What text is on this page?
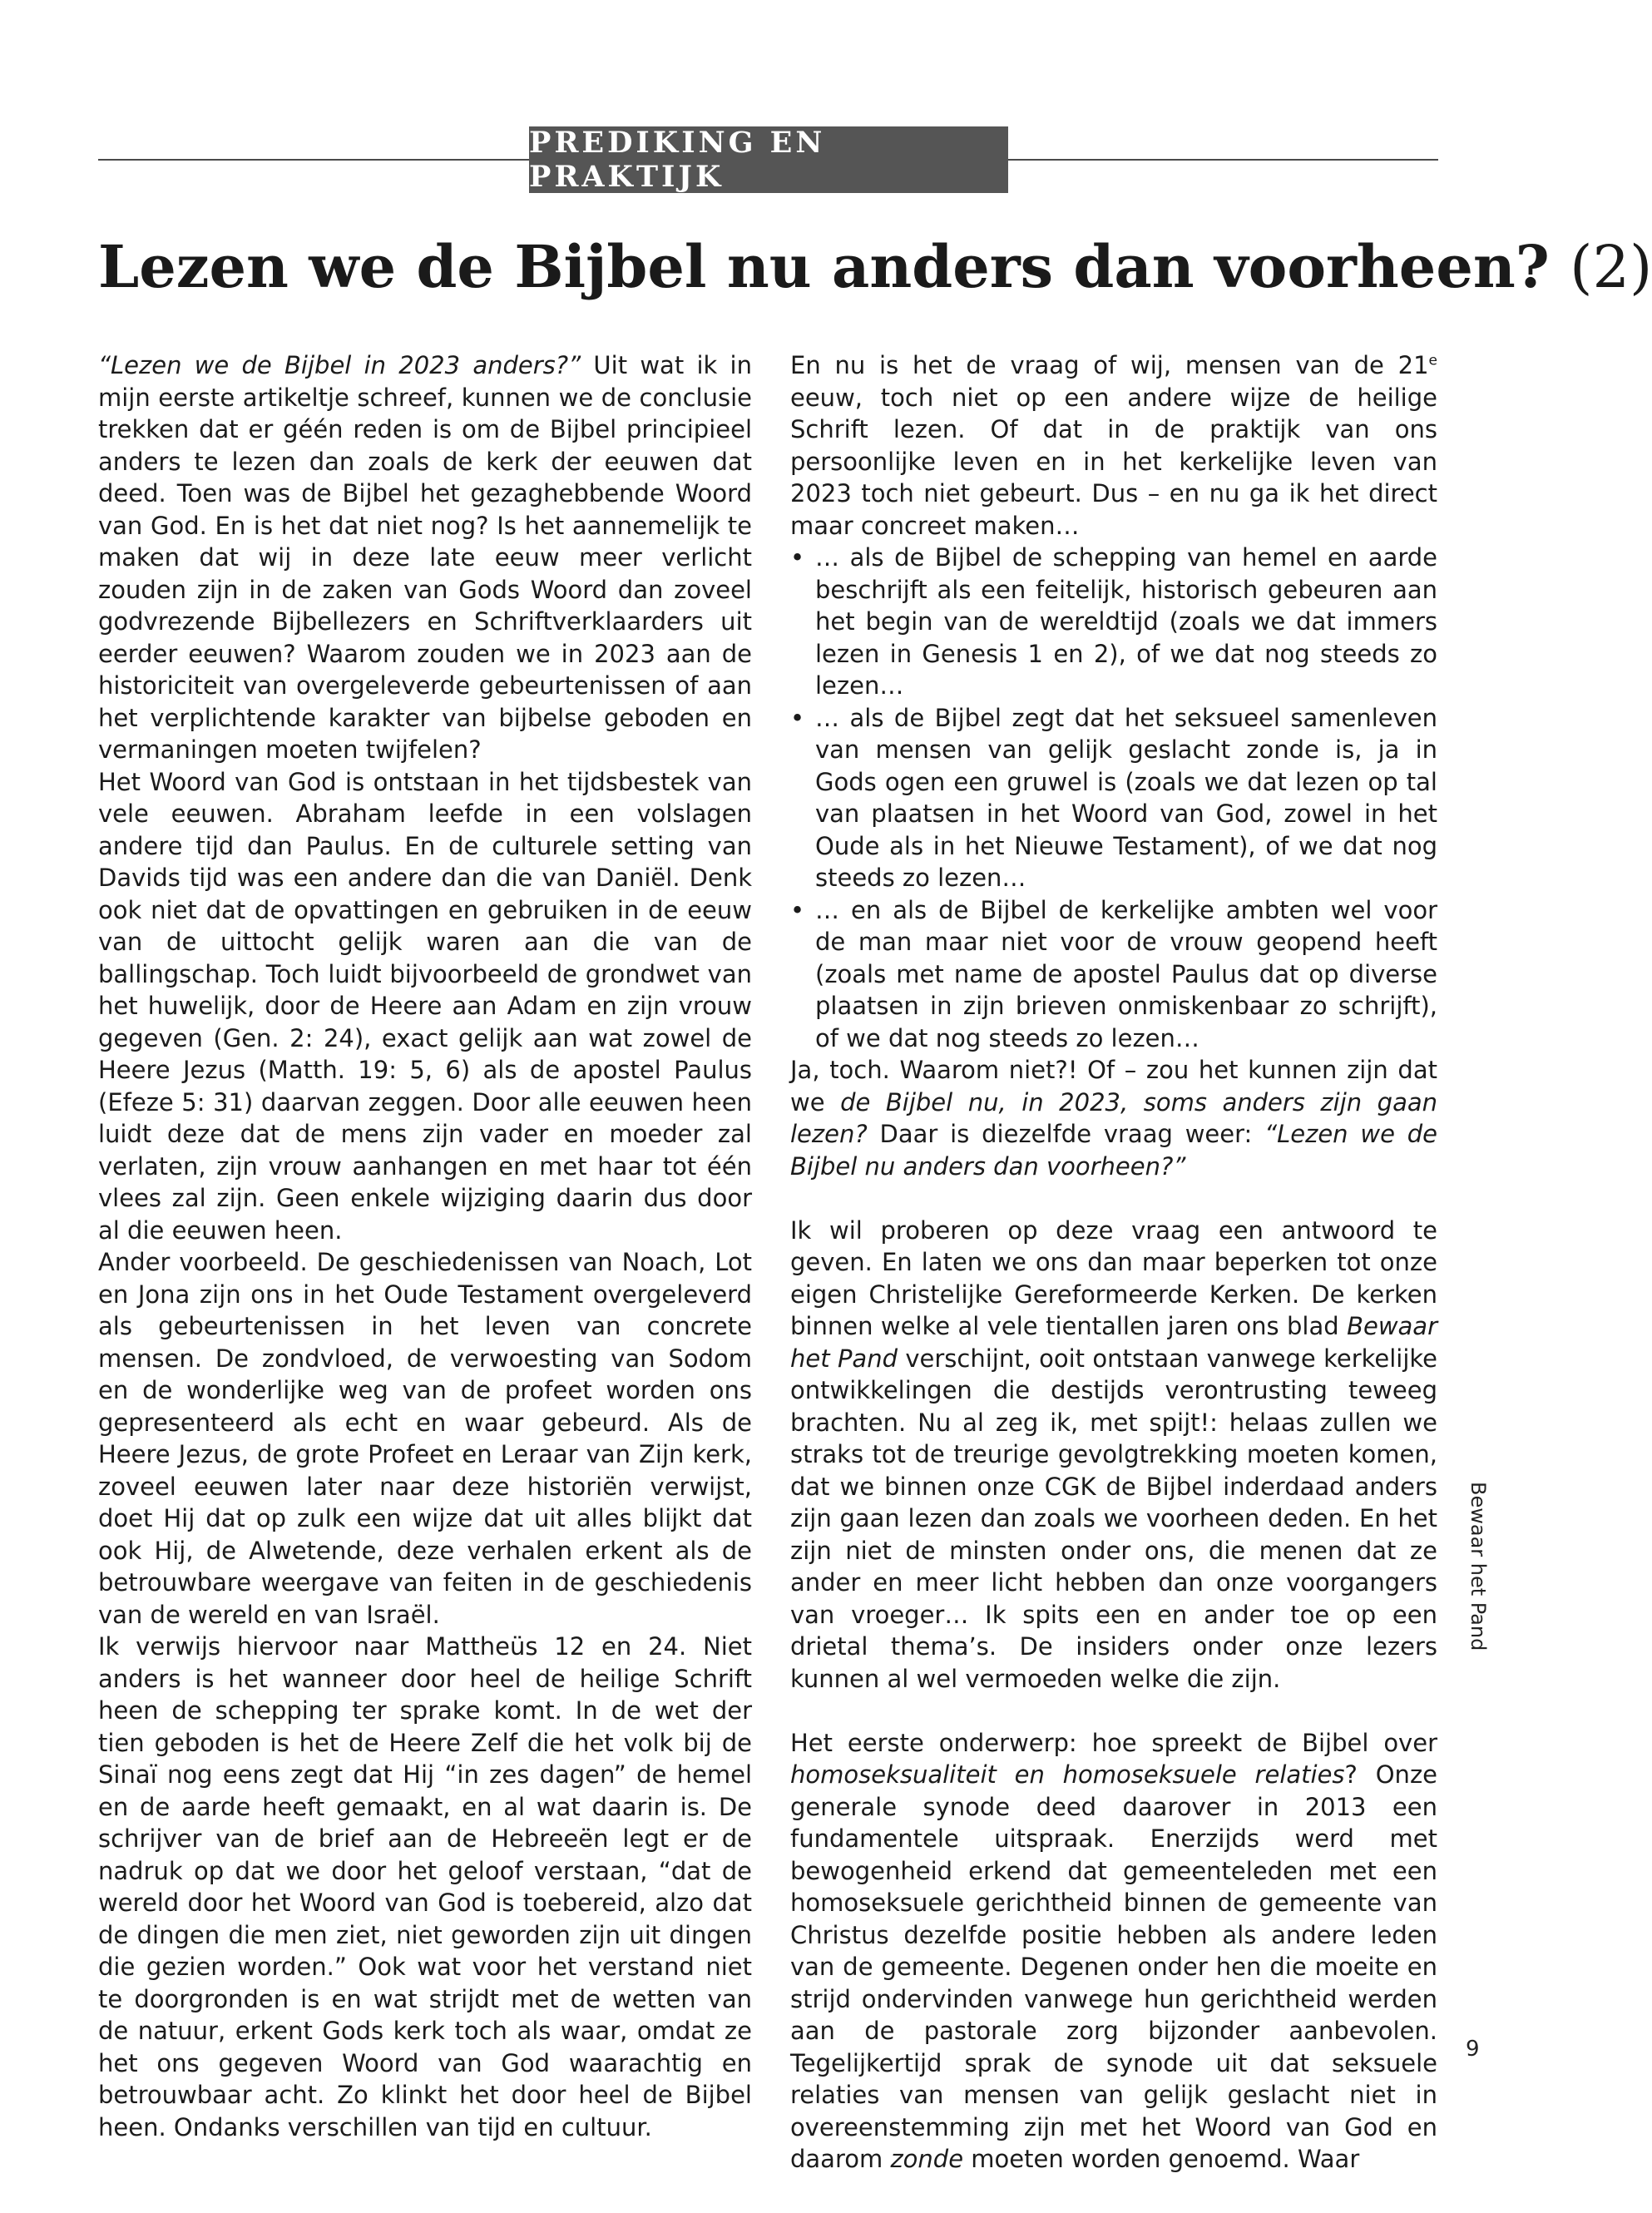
PREDIKING EN PRAKTIJK
Lezen we de Bijbel nu anders dan voorheen? (2)

“Lezen we de Bijbel in 2023 anders?” Uit wat ik in mijn eerste artikeltje schreef, kunnen we de conclusie trekken dat er géén reden is om de Bijbel principieel anders te lezen dan zoals de kerk der eeuwen dat deed. Toen was de Bijbel het gezaghebbende Woord van God. En is het dat niet nog? Is het aannemelijk te maken dat wij in deze late eeuw meer verlicht zouden zijn in de zaken van Gods Woord dan zoveel godvrezende Bijbellezers en Schriftverklaarders uit eerder eeuwen? Waarom zouden we in 2023 aan de historiciteit van overgeleverde gebeurtenissen of aan het verplichtende karakter van bijbelse geboden en vermaningen moeten twijfelen?

Het Woord van God is ontstaan in het tijdsbestek van vele eeuwen. Abraham leefde in een volslagen andere tijd dan Paulus. En de culturele setting van Davids tijd was een andere dan die van Daniël. Denk ook niet dat de opvattingen en gebruiken in de eeuw van de uittocht gelijk waren aan die van de ballingschap. Toch luidt bijvoorbeeld de grondwet van het huwelijk, door de Heere aan Adam en zijn vrouw gegeven (Gen. 2: 24), exact gelijk aan wat zowel de Heere Jezus (Matth. 19: 5, 6) als de apostel Paulus (Efeze 5: 31) daarvan zeggen. Door alle eeuwen heen luidt deze dat de mens zijn vader en moeder zal verlaten, zijn vrouw aanhangen en met haar tot één vlees zal zijn. Geen enkele wijziging daarin dus door al die eeuwen heen.

Ander voorbeeld. De geschiedenissen van Noach, Lot en Jona zijn ons in het Oude Testament overgeleverd als gebeurtenissen in het leven van concrete mensen. De zondvloed, de verwoesting van Sodom en de wonderlijke weg van de profeet worden ons gepresenteerd als echt en waar gebeurd. Als de Heere Jezus, de grote Profeet en Leraar van Zijn kerk, zoveel eeuwen later naar deze historiën verwijst, doet Hij dat op zulk een wijze dat uit alles blijkt dat ook Hij, de Alwetende, deze verhalen erkent als de betrouwbare weergave van feiten in de geschiedenis van de wereld en van Israël.

Ik verwijs hiervoor naar Mattheüs 12 en 24. Niet anders is het wanneer door heel de heilige Schrift heen de schepping ter sprake komt. In de wet der tien geboden is het de Heere Zelf die het volk bij de Sinaï nog eens zegt dat Hij “in zes dagen” de hemel en de aarde heeft gemaakt, en al wat daarin is. De schrijver van de brief aan de Hebreeën legt er de nadruk op dat we door het geloof verstaan, “dat de wereld door het Woord van God is toebereid, alzo dat de dingen die men ziet, niet geworden zijn uit dingen die gezien worden.” Ook wat voor het verstand niet te doorgronden is en wat strijdt met de wetten van de natuur, erkent Gods kerk toch als waar, omdat ze het ons gegeven Woord van God waarachtig en betrouwbaar acht. Zo klinkt het door heel de Bijbel heen. Ondanks verschillen van tijd en cultuur.

En nu is het de vraag of wij, mensen van de 21e eeuw, toch niet op een andere wijze de heilige Schrift lezen. Of dat in de praktijk van ons persoonlijke leven en in het kerkelijke leven van 2023 toch niet gebeurt. Dus – en nu ga ik het direct maar concreet maken…

• … als de Bijbel de schepping van hemel en aarde beschrijft als een feitelijk, historisch gebeuren aan het begin van de wereldtijd (zoals we dat immers lezen in Genesis 1 en 2), of we dat nog steeds zo lezen…
• … als de Bijbel zegt dat het seksueel samenleven van mensen van gelijk geslacht zonde is, ja in Gods ogen een gruwel is (zoals we dat lezen op tal van plaatsen in het Woord van God, zowel in het Oude als in het Nieuwe Testament), of we dat nog steeds zo lezen…
• … en als de Bijbel de kerkelijke ambten wel voor de man maar niet voor de vrouw geopend heeft (zoals met name de apostel Paulus dat op diverse plaatsen in zijn brieven onmiskenbaar zo schrijft), of we dat nog steeds zo lezen…

Ja, toch. Waarom niet?! Of – zou het kunnen zijn dat we de Bijbel nu, in 2023, soms anders zijn gaan lezen? Daar is diezelfde vraag weer: “Lezen we de Bijbel nu anders dan voorheen?”

Ik wil proberen op deze vraag een antwoord te geven. En laten we ons dan maar beperken tot onze eigen Christelijke Gereformeerde Kerken. De kerken binnen welke al vele tientallen jaren ons blad Bewaar het Pand verschijnt, ooit ontstaan vanwege kerkelijke ontwikkelingen die destijds verontrusting teweeg brachten. Nu al zeg ik, met spijt!: helaas zullen we straks tot de treurige gevolgtrekking moeten komen, dat we binnen onze CGK de Bijbel inderdaad anders zijn gaan lezen dan zoals we voorheen deden. En het zijn niet de minsten onder ons, die menen dat ze ander en meer licht hebben dan onze voorgangers van vroeger… Ik spits een en ander toe op een drietal thema’s. De insiders onder onze lezers kunnen al wel vermoeden welke die zijn.

Het eerste onderwerp: hoe spreekt de Bijbel over homoseksualiteit en homoseksuele relaties? Onze generale synode deed daarover in 2013 een fundamentele uitspraak. Enerzijds werd met bewogenheid erkend dat gemeenteleden met een homoseksuele gerichtheid binnen de gemeente van Christus dezelfde positie hebben als andere leden van de gemeente. Degenen onder hen die moeite en strijd ondervinden vanwege hun gerichtheid werden aan de pastorale zorg bijzonder aanbevolen. Tegelijkertijd sprak de synode uit dat seksuele relaties van mensen van gelijk geslacht niet in overeenstemming zijn met het Woord van God en daarom zonde moeten worden genoemd. Waar

Bewaar het Pand
9
